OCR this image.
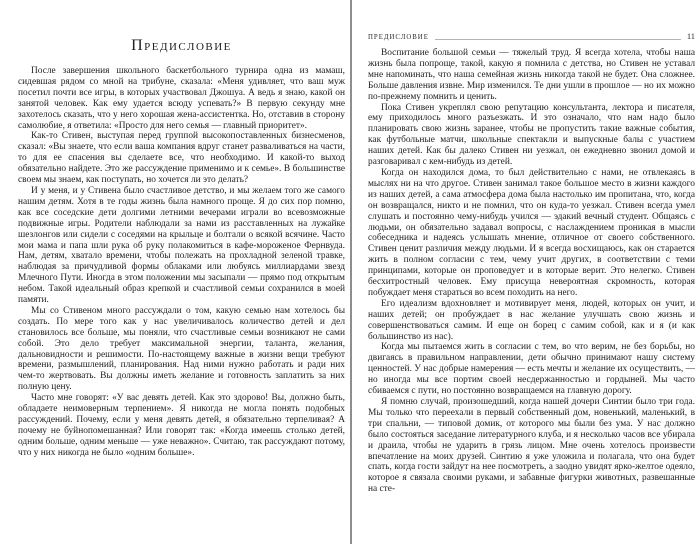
Предисловие

После завершения школьного баскетбольного турнира одна из мамаш, сидевшая рядом со мной на трибуне, сказала: «Меня удивляет, что ваш муж посетил почти все игры, в которых участвовал Джошуа. А ведь я знаю, какой он занятой человек. Как ему удается всюду успевать?» В первую секунду мне захотелось сказать, что у него хорошая жена-ассистентка. Но, отставив в сторону самолюбие, я ответила: «Просто для него семья — главный приоритет».

Как-то Стивен, выступая перед группой высокопоставленных бизнесменов, сказал: «Вы знаете, что если ваша компания вдруг станет разваливаться на части, то для ее спасения вы сделаете все, что необходимо. И какой-то выход обязательно найдете. Это же рассуждение применимо и к семье». В большинстве своем мы знаем, как поступать, но хочется ли это делать?

И у меня, и у Стивена было счастливое детство, и мы желаем того же самого нашим детям. Хотя в те годы жизнь была намного проще. Я до сих пор помню, как все соседские дети долгими летними вечерами играли во всевозможные подвижные игры. Родители наблюдали за нами из расставленных на лужайке шезлонгов или сидели с соседями на крыльце и болтали о всякой всячине. Часто мои мама и папа шли рука об руку полакомиться в кафе-мороженое Фернвуда. Нам, детям, хватало времени, чтобы полежать на прохладной зеленой травке, наблюдая за причудливой формы облаками или любуясь миллиардами звезд Млечного Пути. Иногда в этом положении мы засыпали — прямо под открытым небом. Такой идеальный образ крепкой и счастливой семьи сохранился в моей памяти.

Мы со Стивеном много рассуждали о том, какую семью нам хотелось бы создать. По мере того как у нас увеличивалось количество детей и дел становилось все больше, мы поняли, что счастливые семьи возникают не сами собой. Это дело требует максимальной энергии, таланта, желания, дальновидности и решимости. По-настоящему важные в жизни вещи требуют времени, размышлений, планирования. Над ними нужно работать и ради них чем-то жертвовать. Вы должны иметь желание и готовность заплатить за них полную цену.

Часто мне говорят: «У вас девять детей. Как это здорово! Вы, должно быть, обладаете неимоверным терпением». Я никогда не могла понять подобных рассуждений. Почему, если у меня девять детей, я обязательно терпеливая? А почему не буйнопомешанная? Или говорят так: «Когда имеешь столько детей, одним больше, одним меньше — уже неважно». Считаю, так рассуждают потому, что у них никогда не было «одним больше».

ПРЕДИСЛОВИЕ	11

Воспитание большой семьи — тяжелый труд. Я всегда хотела, чтобы наша жизнь была попроще, такой, какую я помнила с детства, но Стивен не уставал мне напоминать, что наша семейная жизнь никогда такой не будет. Она сложнее. Больше давления извне. Мир изменился. Те дни ушли в прошлое — но их можно по-прежнему помнить и ценить.

Пока Стивен укреплял свою репутацию консультанта, лектора и писателя, ему приходилось много разъезжать. И это означало, что нам надо было планировать свою жизнь заранее, чтобы не пропустить такие важные события, как футбольные матчи, школьные спектакли и выпускные балы с участием наших детей. Как бы далеко Стивен ни уезжал, он ежедневно звонил домой и разговаривал с кем-нибудь из детей.

Когда он находился дома, то был действительно с нами, не отвлекаясь в мыслях ни на что другое. Стивен занимал такое большое место в жизни каждого из наших детей, а сама атмосфера дома была настолько им пропитана, что, когда он возвращался, никто и не помнил, что он куда-то уезжал. Стивен всегда умел слушать и постоянно чему-нибудь учился — эдакий вечный студент. Общаясь с людьми, он обязательно задавал вопросы, с наслаждением проникая в мысли собеседника и надеясь услышать мнение, отличное от своего собственного. Стивен ценит различия между людьми. И я всегда восхищаюсь, как он старается жить в полном согласии с тем, чему учит других, в соответствии с теми принципами, которые он проповедует и в которые верит. Это нелегко. Стивен бесхитростный человек. Ему присуща невероятная скромность, которая побуждает меня стараться во всем походить на него.

Его идеализм вдохновляет и мотивирует меня, людей, которых он учит, и наших детей; он пробуждает в нас желание улучшать свою жизнь и совершенствоваться самим. И еще он борец с самим собой, как и я (и как большинство из нас).

Когда мы пытаемся жить в согласии с тем, во что верим, не без борьбы, но двигаясь в правильном направлении, дети обычно принимают нашу систему ценностей. У нас добрые намерения — есть мечты и желание их осуществить, — но иногда мы все портим своей несдержанностью и гордыней. Мы часто сбиваемся с пути, но постоянно возвращаемся на главную дорогу.

Я помню случай, произошедший, когда нашей дочери Синтии было три года. Мы только что переехали в первый собственный дом, новенький, маленький, в три спальни, — типовой домик, от которого мы были без ума. У нас должно было состояться заседание литературного клуба, и я несколько часов все убирала и драила, чтобы не ударить в грязь лицом. Мне очень хотелось произвести впечатление на моих друзей. Синтию я уже уложила и полагала, что она будет спать, когда гости зайдут на нее посмотреть, а заодно увидят ярко-желтое одеяло, которое я связала своими руками, и забавные фигурки животных, развешанные на сте-
